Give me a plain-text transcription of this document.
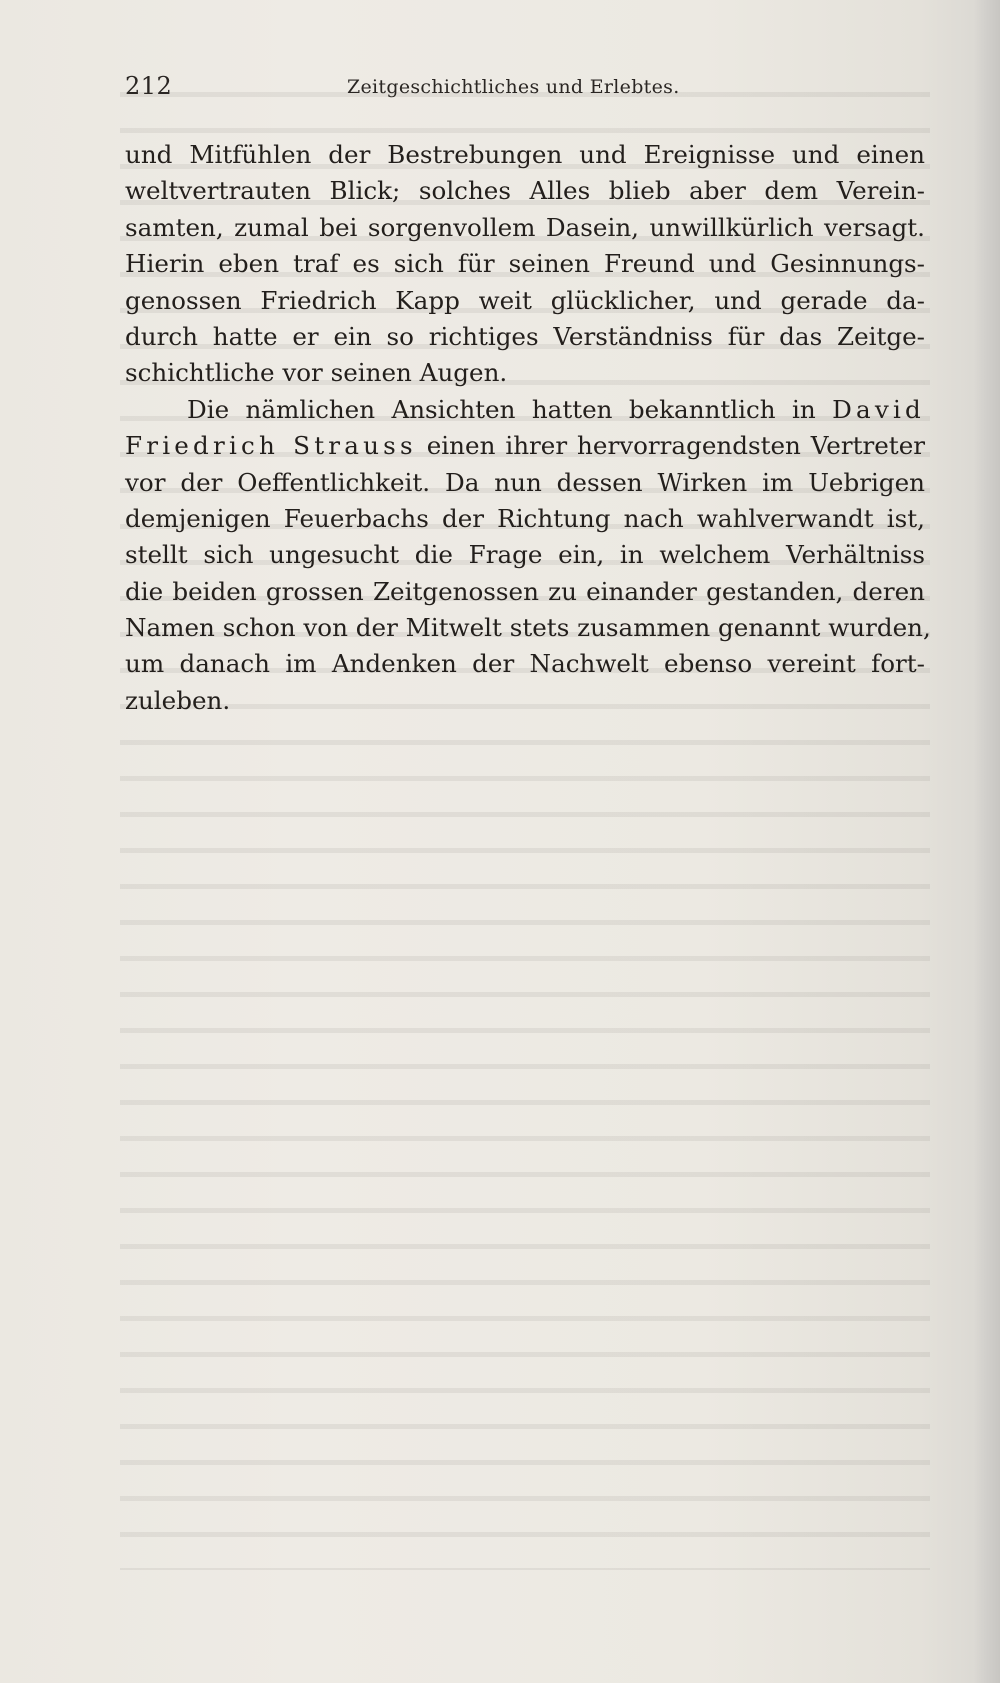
212	Zeitgeschichtliches und Erlebtes.
und Mitfühlen der Bestrebungen und Ereignisse und einen
weltvertrauten Blick; solches Alles blieb aber dem Verein-
samten, zumal bei sorgenvollem Dasein, unwillkürlich versagt.
Hierin eben traf es sich für seinen Freund und Gesinnungs-
genossen Friedrich Kapp weit glücklicher, und gerade da-
durch hatte er ein so richtiges Verständniss für das Zeitge-
schichtliche vor seinen Augen.
Die nämlichen Ansichten hatten bekanntlich in David
Friedrich Strauss einen ihrer hervorragendsten Vertreter
vor der Oeffentlichkeit. Da nun dessen Wirken im Uebrigen
demjenigen Feuerbachs der Richtung nach wahlverwandt ist,
stellt sich ungesucht die Frage ein, in welchem Verhältniss
die beiden grossen Zeitgenossen zu einander gestanden, deren
Namen schon von der Mitwelt stets zusammen genannt wurden,
um danach im Andenken der Nachwelt ebenso vereint fort-
zuleben.
